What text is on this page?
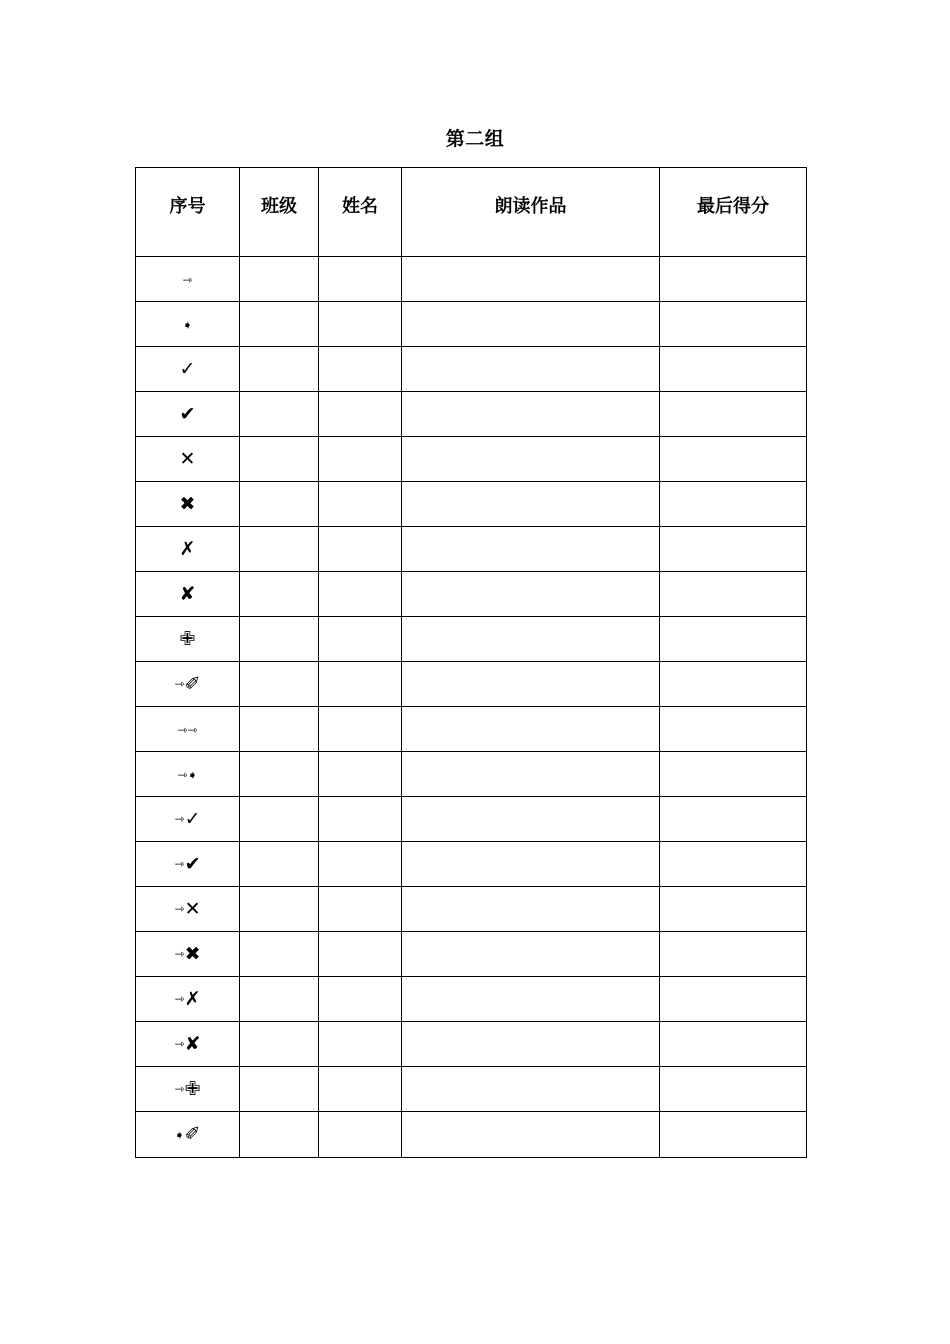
第二组
序号	班级	姓名	朗读作品	最后得分
⇾				
➧				
✓				
✔				
✕				
✖				
✗				
✘				
✙				
⇾✐				
⇾⇾				
⇾➧				
⇾✓				
⇾✔				
⇾✕				
⇾✖				
⇾✗				
⇾✘				
⇾✙				
➧✐				
